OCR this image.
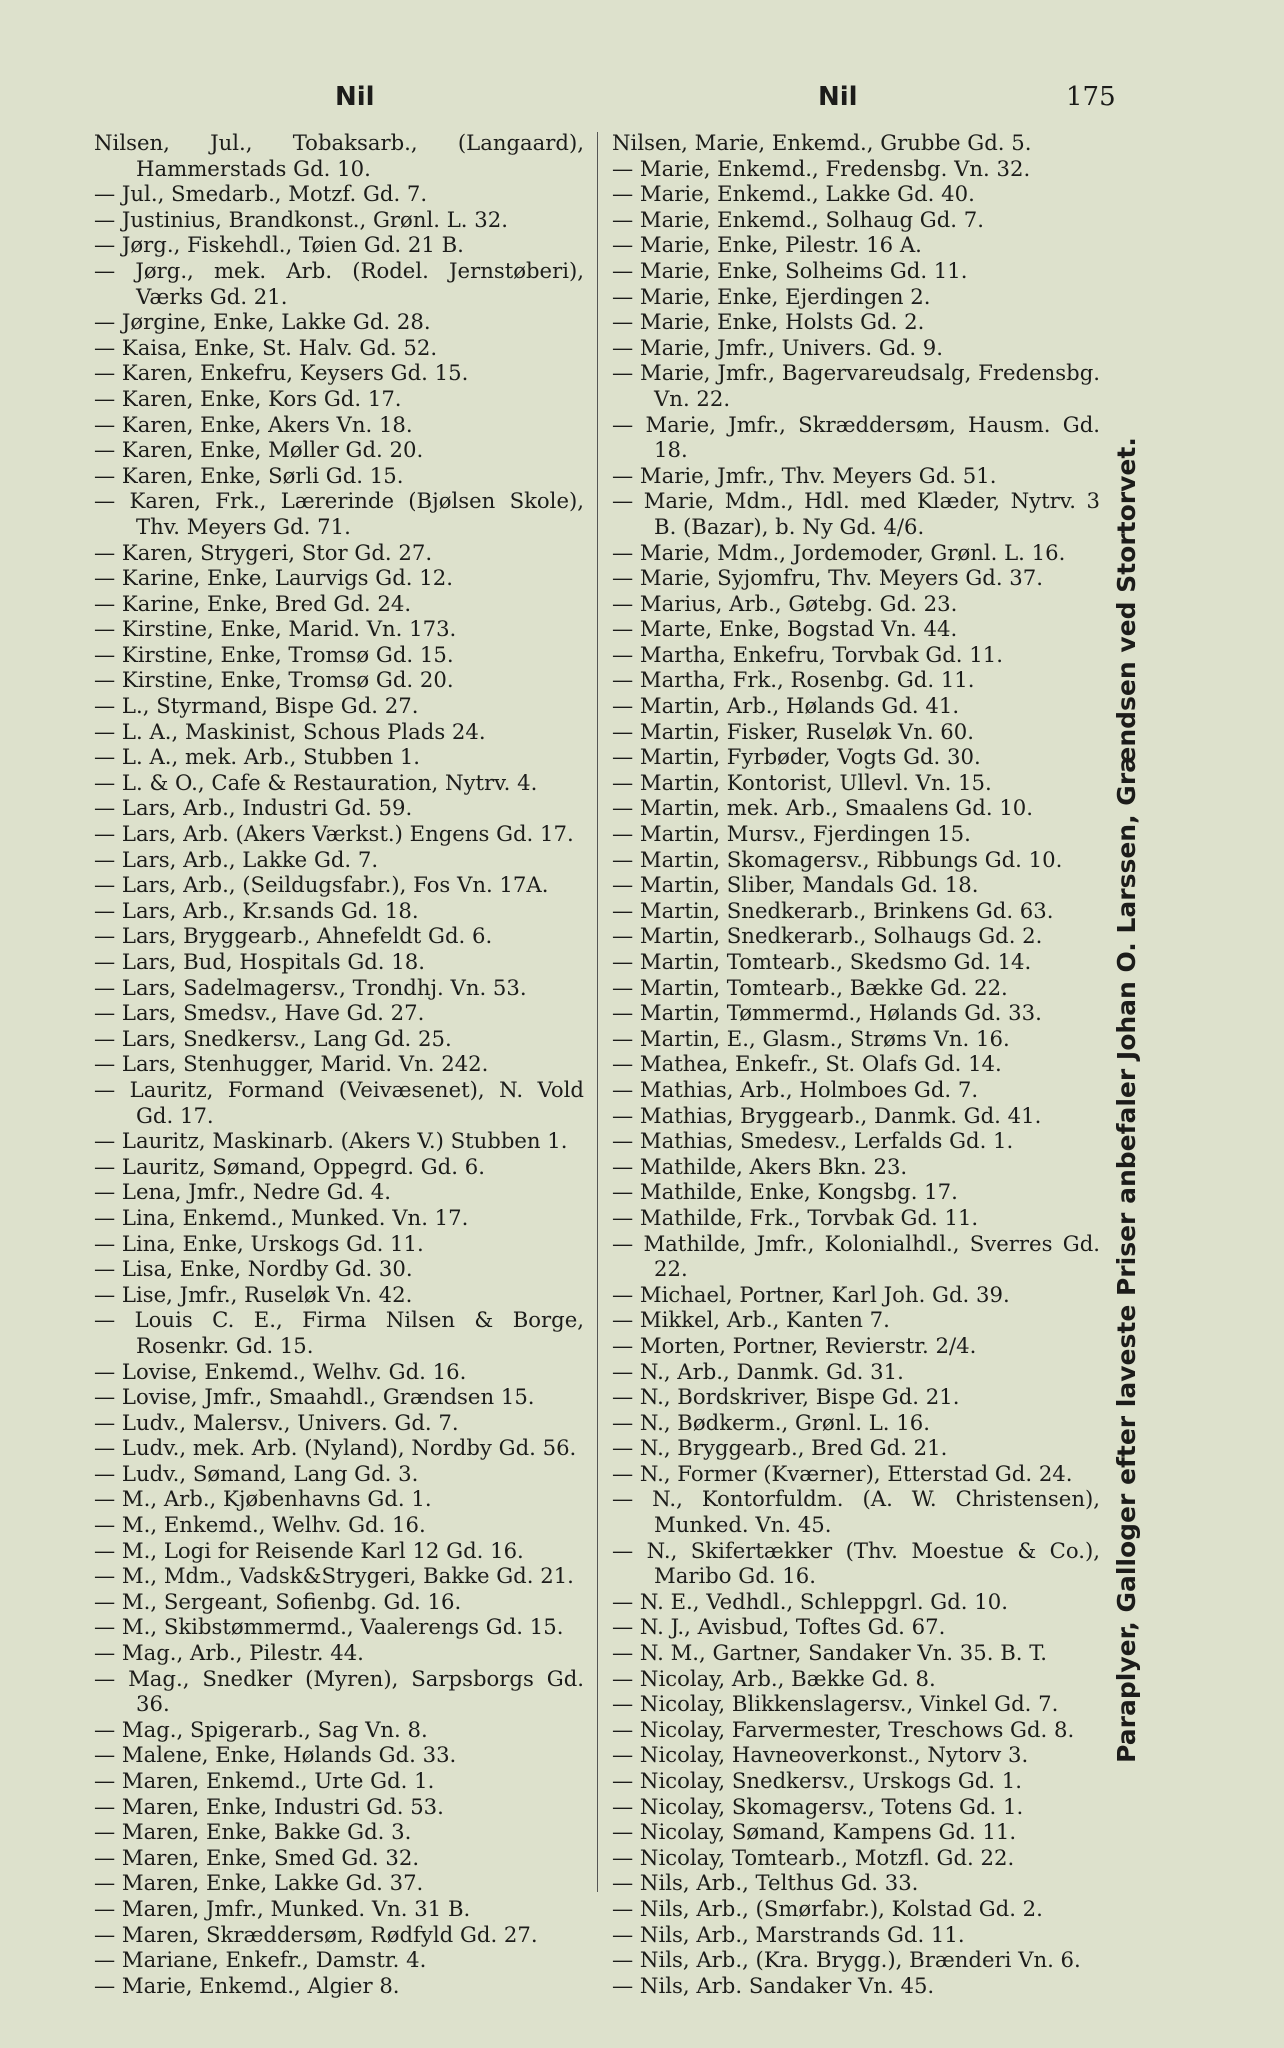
Nil	Nil	175
Nilsen, Jul., Tobaksarb., (Langaard), Hammerstads Gd. 10.
— Jul., Smedarb., Motzf. Gd. 7.
— Justinius, Brandkonst., Grønl. L. 32.
— Jørg., Fiskehdl., Tøien Gd. 21 B.
— Jørg., mek. Arb. (Rodel. Jernstøberi), Værks Gd. 21.
— Jørgine, Enke, Lakke Gd. 28.
— Kaisa, Enke, St. Halv. Gd. 52.
— Karen, Enkefru, Keysers Gd. 15.
— Karen, Enke, Kors Gd. 17.
— Karen, Enke, Akers Vn. 18.
— Karen, Enke, Møller Gd. 20.
— Karen, Enke, Sørli Gd. 15.
— Karen, Frk., Lærerinde (Bjølsen Skole), Thv. Meyers Gd. 71.
— Karen, Strygeri, Stor Gd. 27.
— Karine, Enke, Laurvigs Gd. 12.
— Karine, Enke, Bred Gd. 24.
— Kirstine, Enke, Marid. Vn. 173.
— Kirstine, Enke, Tromsø Gd. 15.
— Kirstine, Enke, Tromsø Gd. 20.
— L., Styrmand, Bispe Gd. 27.
— L. A., Maskinist, Schous Plads 24.
— L. A., mek. Arb., Stubben 1.
— L. & O., Cafe & Restauration, Nytrv. 4.
— Lars, Arb., Industri Gd. 59.
— Lars, Arb. (Akers Værkst.) Engens Gd. 17.
— Lars, Arb., Lakke Gd. 7.
— Lars, Arb., (Seildugsfabr.), Fos Vn. 17A.
— Lars, Arb., Kr.sands Gd. 18.
— Lars, Bryggearb., Ahnefeldt Gd. 6.
— Lars, Bud, Hospitals Gd. 18.
— Lars, Sadelmagersv., Trondhj. Vn. 53.
— Lars, Smedsv., Have Gd. 27.
— Lars, Snedkersv., Lang Gd. 25.
— Lars, Stenhugger, Marid. Vn. 242.
— Lauritz, Formand (Veivæsenet), N. Vold Gd. 17.
— Lauritz, Maskinarb. (Akers V.) Stubben 1.
— Lauritz, Sømand, Oppegrd. Gd. 6.
— Lena, Jmfr., Nedre Gd. 4.
— Lina, Enkemd., Munked. Vn. 17.
— Lina, Enke, Urskogs Gd. 11.
— Lisa, Enke, Nordby Gd. 30.
— Lise, Jmfr., Ruseløk Vn. 42.
— Louis C. E., Firma Nilsen & Borge, Rosenkr. Gd. 15.
— Lovise, Enkemd., Welhv. Gd. 16.
— Lovise, Jmfr., Smaahdl., Grændsen 15.
— Ludv., Malersv., Univers. Gd. 7.
— Ludv., mek. Arb. (Nyland), Nordby Gd. 56.
— Ludv., Sømand, Lang Gd. 3.
— M., Arb., Kjøbenhavns Gd. 1.
— M., Enkemd., Welhv. Gd. 16.
— M., Logi for Reisende Karl 12 Gd. 16.
— M., Mdm., Vadsk&Strygeri, Bakke Gd. 21.
— M., Sergeant, Sofienbg. Gd. 16.
— M., Skibstømmermd., Vaalerengs Gd. 15.
— Mag., Arb., Pilestr. 44.
— Mag., Snedker (Myren), Sarpsborgs Gd. 36.
— Mag., Spigerarb., Sag Vn. 8.
— Malene, Enke, Hølands Gd. 33.
— Maren, Enkemd., Urte Gd. 1.
— Maren, Enke, Industri Gd. 53.
— Maren, Enke, Bakke Gd. 3.
— Maren, Enke, Smed Gd. 32.
— Maren, Enke, Lakke Gd. 37.
— Maren, Jmfr., Munked. Vn. 31 B.
— Maren, Skræddersøm, Rødfyld Gd. 27.
— Mariane, Enkefr., Damstr. 4.
— Marie, Enkemd., Algier 8.
Nilsen, Marie, Enkemd., Grubbe Gd. 5.
— Marie, Enkemd., Fredensbg. Vn. 32.
— Marie, Enkemd., Lakke Gd. 40.
— Marie, Enkemd., Solhaug Gd. 7.
— Marie, Enke, Pilestr. 16 A.
— Marie, Enke, Solheims Gd. 11.
— Marie, Enke, Ejerdingen 2.
— Marie, Enke, Holsts Gd. 2.
— Marie, Jmfr., Univers. Gd. 9.
— Marie, Jmfr., Bagervareudsalg, Fredensbg. Vn. 22.
— Marie, Jmfr., Skræddersøm, Hausm. Gd. 18.
— Marie, Jmfr., Thv. Meyers Gd. 51.
— Marie, Mdm., Hdl. med Klæder, Nytrv. 3 B. (Bazar), b. Ny Gd. 4/6.
— Marie, Mdm., Jordemoder, Grønl. L. 16.
— Marie, Syjomfru, Thv. Meyers Gd. 37.
— Marius, Arb., Gøtebg. Gd. 23.
— Marte, Enke, Bogstad Vn. 44.
— Martha, Enkefru, Torvbak Gd. 11.
— Martha, Frk., Rosenbg. Gd. 11.
— Martin, Arb., Hølands Gd. 41.
— Martin, Fisker, Ruseløk Vn. 60.
— Martin, Fyrbøder, Vogts Gd. 30.
— Martin, Kontorist, Ullevl. Vn. 15.
— Martin, mek. Arb., Smaalens Gd. 10.
— Martin, Mursv., Fjerdingen 15.
— Martin, Skomagersv., Ribbungs Gd. 10.
— Martin, Sliber, Mandals Gd. 18.
— Martin, Snedkerarb., Brinkens Gd. 63.
— Martin, Snedkerarb., Solhaugs Gd. 2.
— Martin, Tomtearb., Skedsmo Gd. 14.
— Martin, Tomtearb., Bække Gd. 22.
— Martin, Tømmermd., Hølands Gd. 33.
— Martin, E., Glasm., Strøms Vn. 16.
— Mathea, Enkefr., St. Olafs Gd. 14.
— Mathias, Arb., Holmboes Gd. 7.
— Mathias, Bryggearb., Danmk. Gd. 41.
— Mathias, Smedesv., Lerfalds Gd. 1.
— Mathilde, Akers Bkn. 23.
— Mathilde, Enke, Kongsbg. 17.
— Mathilde, Frk., Torvbak Gd. 11.
— Mathilde, Jmfr., Kolonialhdl., Sverres Gd. 22.
— Michael, Portner, Karl Joh. Gd. 39.
— Mikkel, Arb., Kanten 7.
— Morten, Portner, Revierstr. 2/4.
— N., Arb., Danmk. Gd. 31.
— N., Bordskriver, Bispe Gd. 21.
— N., Bødkerm., Grønl. L. 16.
— N., Bryggearb., Bred Gd. 21.
— N., Former (Kværner), Etterstad Gd. 24.
— N., Kontorfuldm. (A. W. Christensen), Munked. Vn. 45.
— N., Skifertækker (Thv. Moestue & Co.), Maribo Gd. 16.
— N. E., Vedhdl., Schleppgrl. Gd. 10.
— N. J., Avisbud, Toftes Gd. 67.
— N. M., Gartner, Sandaker Vn. 35. B. T.
— Nicolay, Arb., Bække Gd. 8.
— Nicolay, Blikkenslagersv., Vinkel Gd. 7.
— Nicolay, Farvermester, Treschows Gd. 8.
— Nicolay, Havneoverkonst., Nytorv 3.
— Nicolay, Snedkersv., Urskogs Gd. 1.
— Nicolay, Skomagersv., Totens Gd. 1.
— Nicolay, Sømand, Kampens Gd. 11.
— Nicolay, Tomtearb., Motzfl. Gd. 22.
— Nils, Arb., Telthus Gd. 33.
— Nils, Arb., (Smørfabr.), Kolstad Gd. 2.
— Nils, Arb., Marstrands Gd. 11.
— Nils, Arb., (Kra. Brygg.), Brænderi Vn. 6.
— Nils, Arb. Sandaker Vn. 45.
Paraplyer, Galloger efter laveste Priser anbefaler Johan O. Larssen, Grændsen ved Stortorvet.
